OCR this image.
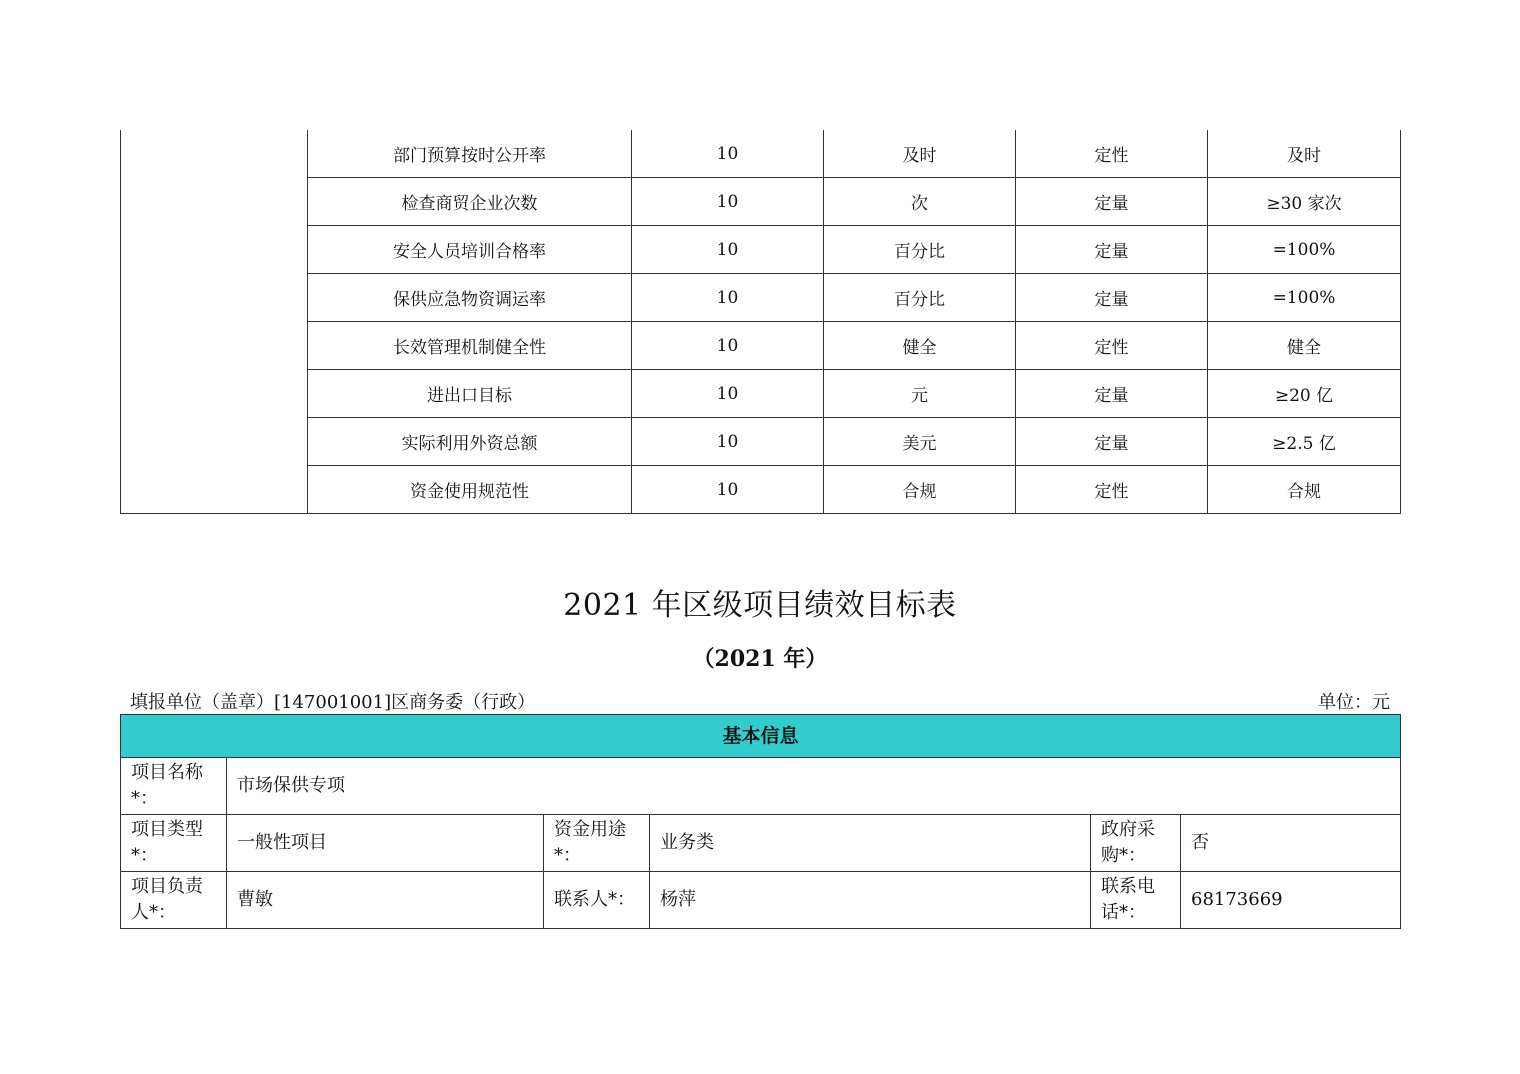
	部门预算按时公开率	10	及时	定性	及时
	检查商贸企业次数	10	次	定量	≥30 家次
	安全人员培训合格率	10	百分比	定量	=100%
	保供应急物资调运率	10	百分比	定量	=100%
	长效管理机制健全性	10	健全	定性	健全
	进出口目标	10	元	定量	≥20 亿
	实际利用外资总额	10	美元	定量	≥2.5 亿
	资金使用规范性	10	合规	定性	合规
2021 年区级项目绩效目标表
（2021 年）
填报单位（盖章）[147001001]区商务委（行政）	单位：元
基本信息					
项目名称*：	市场保供专项				
项目类型*：	一般性项目	资金用途*：	业务类	政府采购*：	否
项目负责人*：	曹敏	联系人*：	杨萍	联系电话*：	68173669
